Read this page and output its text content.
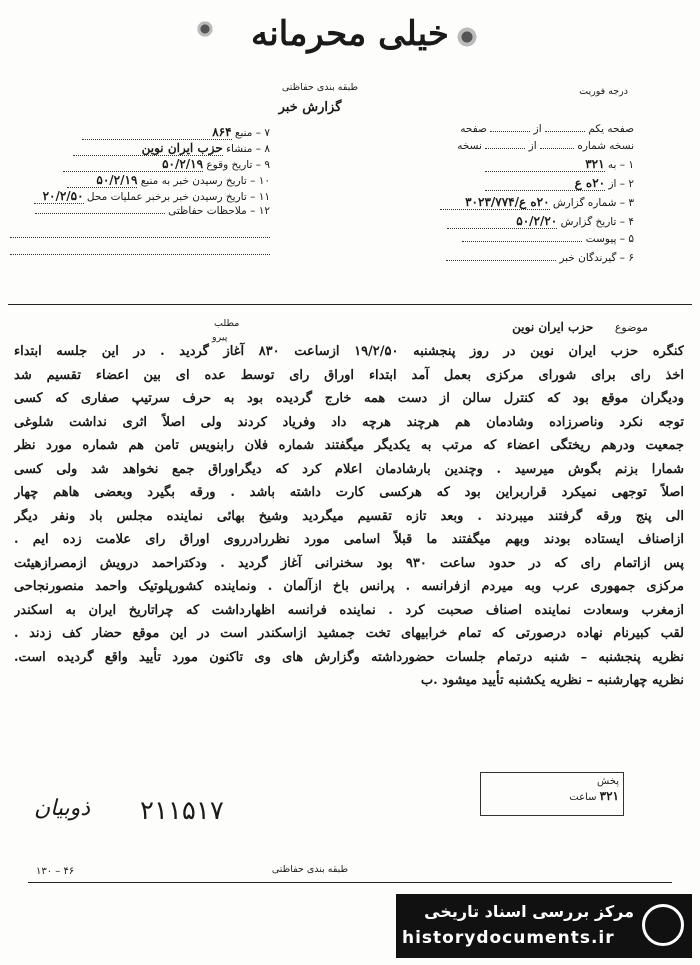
خیلی محرمانه
درجه فوریت
طبقه بندی حفاظتی
گزارش خبر
صفحه یکم  از  صفحه
نسخه شماره  از  نسخه
۱ – به ۳۲۱
۲ – از ۲۰ه ع
۳ – شماره گزارش ۲۰ه ع/۳۰۲۳/۷۷۴
۴ – تاریخ گزارش ۵۰/۲/۲۰
۵ – پیوست
۶ – گیرندگان خبر
۷ – منبع ۸۶۴
۸ – منشاء حزب ایران نوین
۹ – تاریخ وقوع ۵۰/۲/۱۹
۱۰ – تاریخ رسیدن خبر به منبع ۵۰/۲/۱۹
۱۱ – تاریخ رسیدن خبر برخبر عملیات محل ۲۰/۲/۵۰
۱۲ – ملاحظات حفاظتی
مطلب
پیرو
موضوع حزب ایران نوین
کنگره حزب ایران نوین در روز پنجشنبه ۱۹/۲/۵۰ ازساعت ۸۳۰ آغاز گردید . در این جلسه ابتداء
اخذ رای برای شورای مرکزی بعمل آمد ابتداء اوراق رای توسط عده ای بین اعضاء تقسیم شد
ودیگران موقع بود که کنترل سالن از دست همه خارج گردیده بود به حرف سرتیپ صفاری که کسی
توجه نکرد وناصرزاده وشادمان هم هرچند هرچه داد وفریاد کردند ولی اصلاً اثری نداشت شلوغی
جمعیت ودرهم ریختگی اعضاء که مرتب به یکدیگر میگفتند شماره فلان رابنویس تامن هم شماره مورد نظر
شمارا بزنم بگوش میرسید . وچندین بارشادمان اعلام کرد که دیگراوراق جمع نخواهد شد ولی کسی
اصلاً توجهی نمیکرد قراربراین بود که هرکسی کارت داشته باشد . ورقه بگیرد وبعضی هاهم چهار
الی پنج ورقه گرفتند میبردند . وبعد تازه تقسیم میگردید وشیخ بهائی نماینده مجلس باد ونفر دیگر
ازاصناف ایستاده بودند وبهم میگفتند ما قبلاً اسامی مورد نظررادرروی اوراق رای علامت زده ایم .
پس ازاتمام رای که در حدود ساعت ۹۳۰ بود سخنرانی آغاز گردید . ودکتراحمد درویش ازمصرازهیئت
مرکزی جمهوری عرب وبه میردم ازفرانسه . پرانس باخ ازآلمان . ونماینده کشورپلوتیک واحمد منصورنجاحی
ازمغرب وسعادت نماینده اصناف صحبت کرد . نماینده فرانسه اظهارداشت که چراتاریخ ایران به اسکندر
لقب کبیرنام نهاده درصورتی که تمام خرابیهای تخت جمشید ازاسکندر است در این موقع حضار کف زدند .
نظریه پنجشنبه – شنبه درتمام جلسات حضورداشته وگزارش های وی تاکنون مورد تأیید واقع گردیده است.
نظریه چهارشنبه – نظریه یکشنبه تأیید میشود .ب
پخش
۳۲۱ ساعت
۲۱۱۵۱۷
ذوبیان
طبقه بندی حفاظتی
۱۳۰ – ۴۶
مرکز بررسی اسناد تاریخی
historydocuments.ir
